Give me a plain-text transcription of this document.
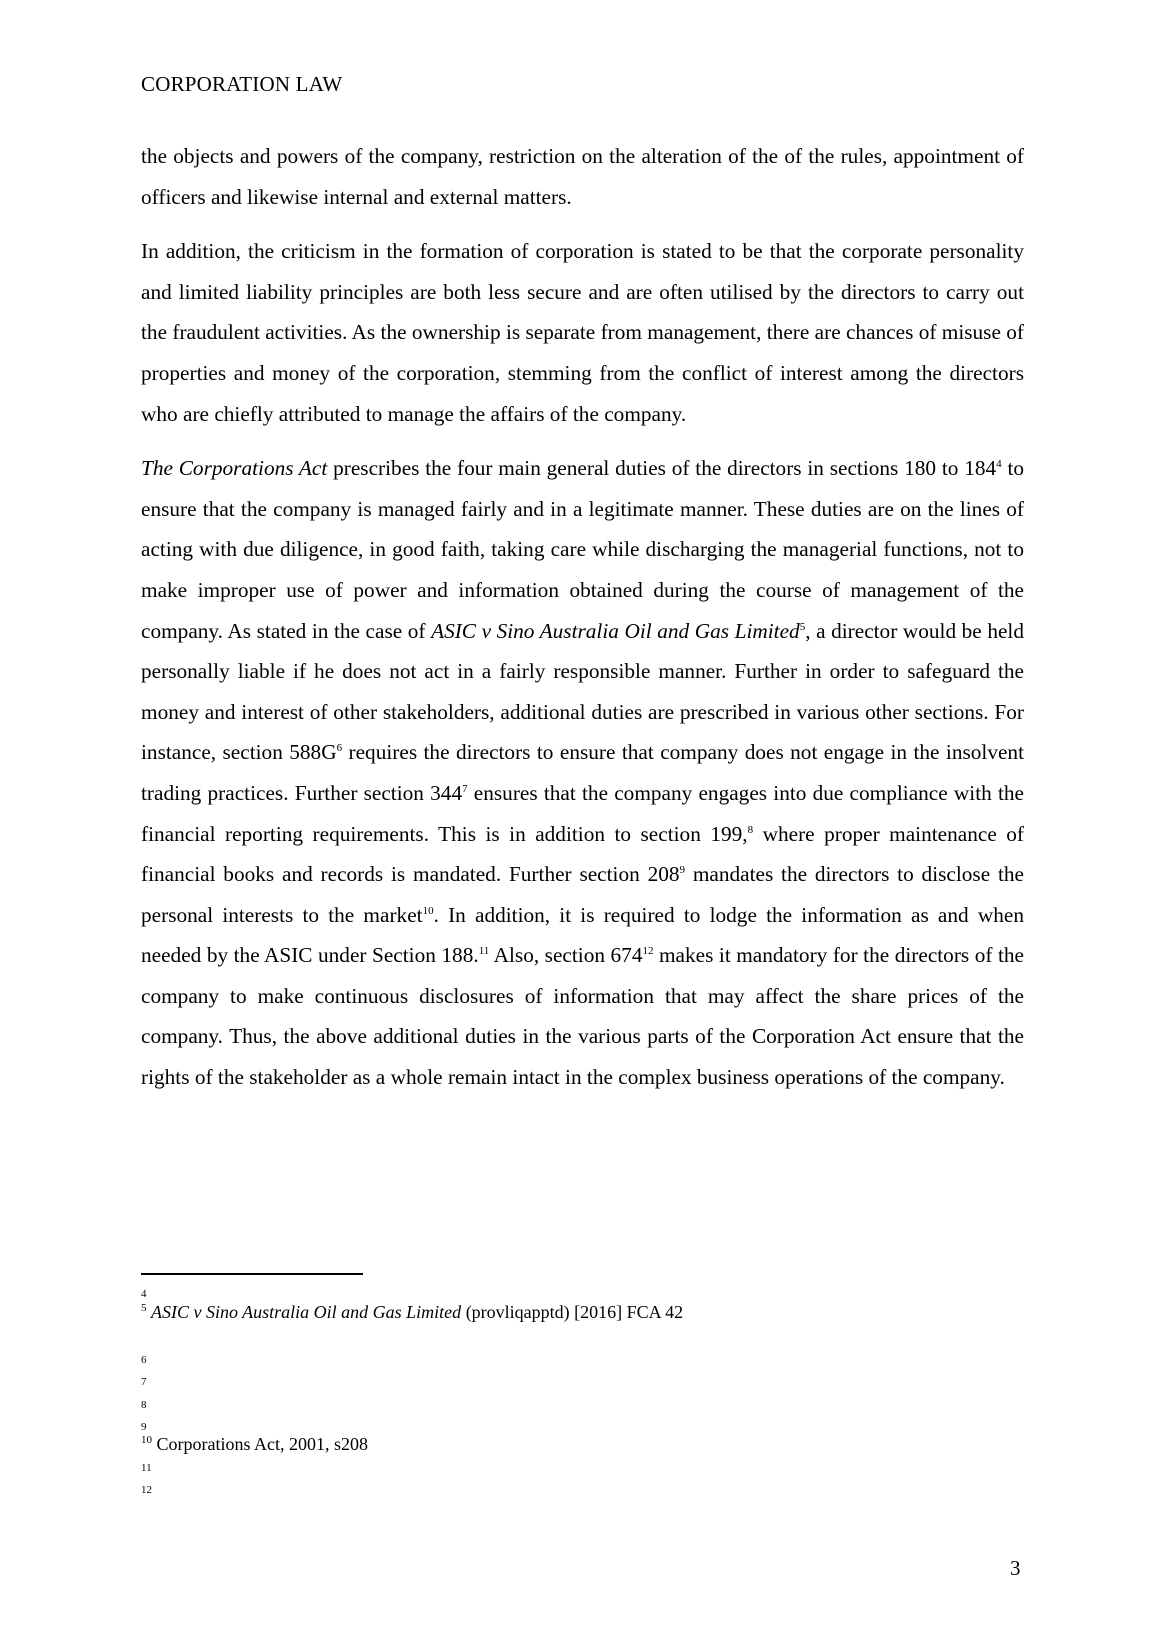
CORPORATION LAW

the objects and powers of the company, restriction on the alteration of the of the rules, appointment of officers and likewise internal and external matters.

In addition, the criticism in the formation of corporation is stated to be that the corporate personality and limited liability principles are both less secure and are often utilised by the directors to carry out the fraudulent activities. As the ownership is separate from management, there are chances of misuse of properties and money of the corporation, stemming from the conflict of interest among the directors who are chiefly attributed to manage the affairs of the company.

The Corporations Act prescribes the four main general duties of the directors in sections 180 to $184^4$ to ensure that the company is managed fairly and in a legitimate manner. These duties are on the lines of acting with due diligence, in good faith, taking care while discharging the managerial functions, not to make improper use of power and information obtained during the course of management of the company. As stated in the case of ASIC v Sino Australia Oil and Gas Limited$^5$, a director would be held personally liable if he does not act in a fairly responsible manner. Further in order to safeguard the money and interest of other stakeholders, additional duties are prescribed in various other sections. For instance, section $588G^6$ requires the directors to ensure that company does not engage in the insolvent trading practices. Further section $344^7$ ensures that the company engages into due compliance with the financial reporting requirements. This is in addition to section 199,$^8$ where proper maintenance of financial books and records is mandated. Further section $208^9$ mandates the directors to disclose the personal interests to the market$^{10}$. In addition, it is required to lodge the information as and when needed by the ASIC under Section 188.11 Also, section $674^{12}$ makes it mandatory for the directors of the company to make continuous disclosures of information that may affect the share prices of the company. Thus, the above additional duties in the various parts of the Corporation Act ensure that the rights of the stakeholder as a whole remain intact in the complex business operations of the company.

4
$^5$ ASIC v Sino Australia Oil and Gas Limited (provliqapptd) [2016] FCA 42
6
7
8
9
$^{10}$ Corporations Act, 2001, s208
11
12
3
